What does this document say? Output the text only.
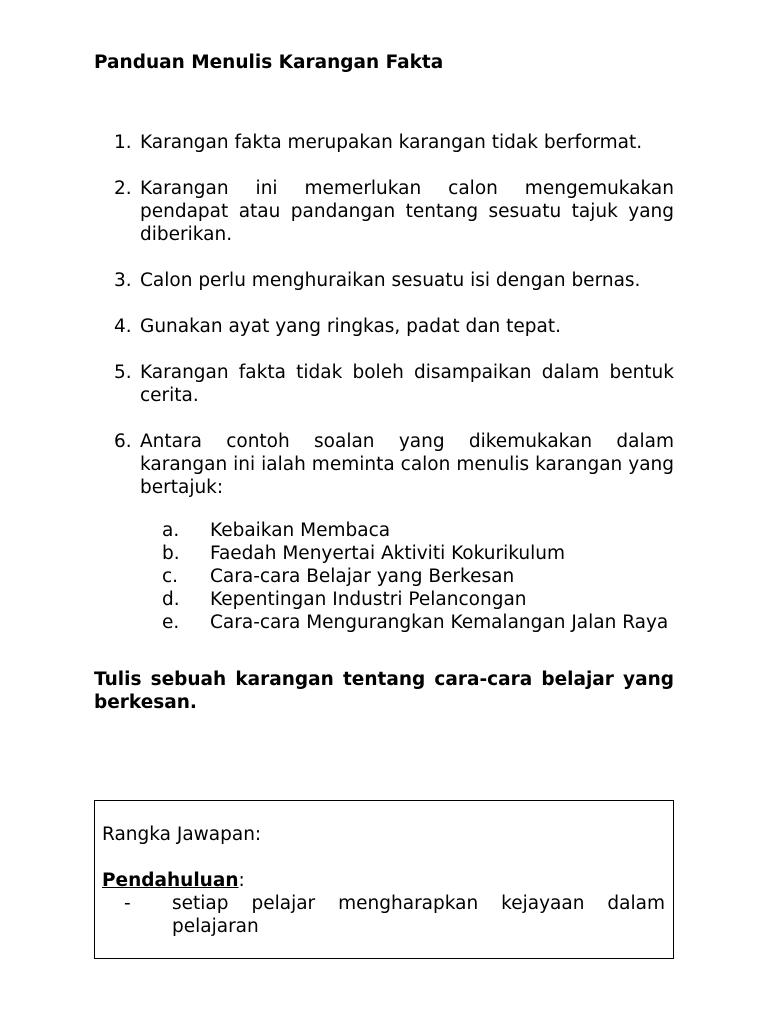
Panduan Menulis Karangan Fakta
1. Karangan fakta merupakan karangan tidak berformat.
2. Karangan ini memerlukan calon mengemukakan pendapat atau pandangan tentang sesuatu tajuk yang diberikan.
3. Calon perlu menghuraikan sesuatu isi dengan bernas.
4. Gunakan ayat yang ringkas, padat dan tepat.
5. Karangan fakta tidak boleh disampaikan dalam bentuk cerita.
6. Antara contoh soalan yang dikemukakan dalam karangan ini ialah meminta calon menulis karangan yang bertajuk:
a. Kebaikan Membaca
b. Faedah Menyertai Aktiviti Kokurikulum
c. Cara-cara Belajar yang Berkesan
d. Kepentingan Industri Pelancongan
e. Cara-cara Mengurangkan Kemalangan Jalan Raya

Tulis sebuah karangan tentang cara-cara belajar yang berkesan.

Rangka Jawapan:

Pendahuluan:

- setiap pelajar mengharapkan kejayaan dalam pelajaran
